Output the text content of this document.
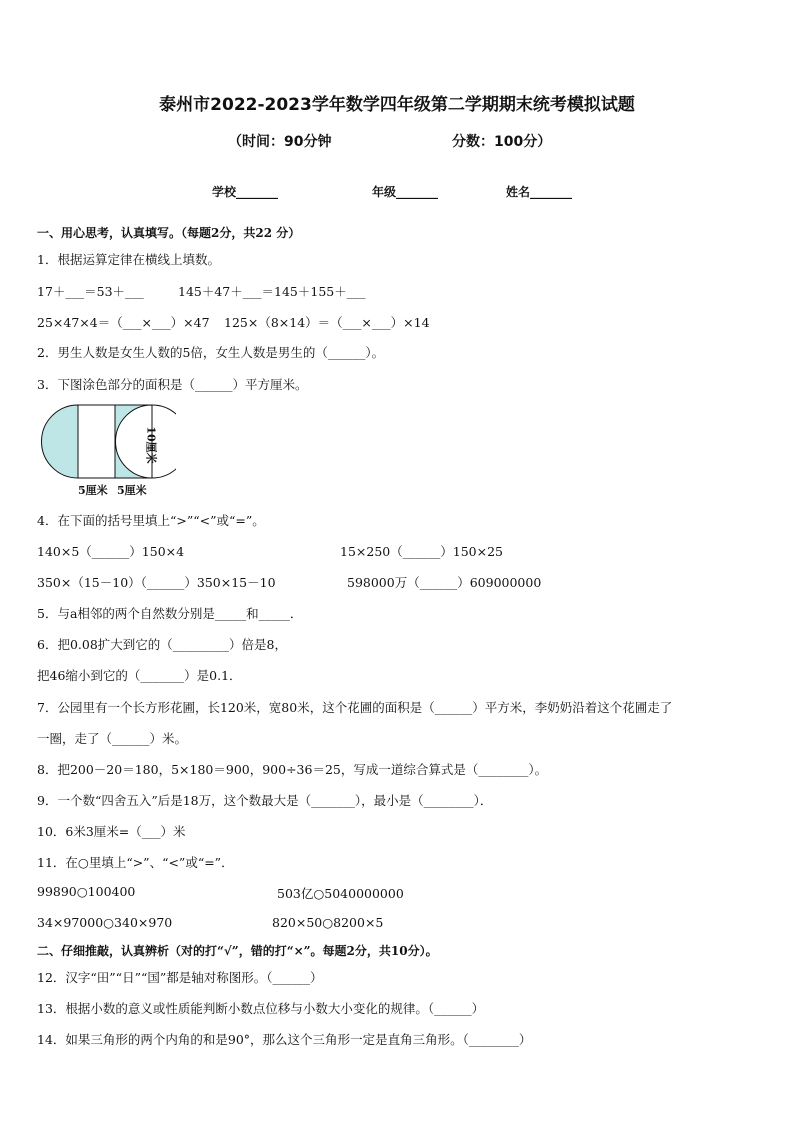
泰州市2022-2023学年数学四年级第二学期期末统考模拟试题
（时间：90分钟	分数：100分）
学校_______	年级_______	姓名_______
一、用心思考，认真填写。（每题2分，共22 分）
1．根据运算定律在横线上填数。
17＋___＝53＋___	145＋47＋___＝145＋155＋___
25×47×4＝（___×___）×47 125×（8×14）＝（___×___）×14
2．男生人数是女生人数的5倍，女生人数是男生的（______）。
3．下图涂色部分的面积是（______）平方厘米。
5厘米 5厘米
10厘米
4．在下面的括号里填上“>”“<”或“=”。
140×5（______）150×4	15×250（______）150×25
350×（15－10）（______）350×15－10	598000万（______）609000000
5．与a相邻的两个自然数分别是_____和_____．
6．把0.08扩大到它的（_________）倍是8，
把46缩小到它的（_______）是0.1．
7．公园里有一个长方形花圃，长120米，宽80米，这个花圃的面积是（______）平方米，李奶奶沿着这个花圃走了
一圈，走了（______）米。
8．把200－20＝180，5×180＝900，900÷36＝25，写成一道综合算式是（________）。
9．一个数“四舍五入”后是18万，这个数最大是（_______），最小是（________）．
10．6米3厘米=（___）米
11．在○里填上“>”、“<”或“=”．
99890○100400	503亿○5040000000
34×97000○340×970	820×50○8200×5
二、仔细推敲，认真辨析（对的打“√”，错的打“×”。每题2分，共10分）。
12．汉字“田”“日”“国”都是轴对称图形。（______）
13．根据小数的意义或性质能判断小数点位移与小数大小变化的规律。（______）
14．如果三角形的两个内角的和是90°，那么这个三角形一定是直角三角形。（________）
